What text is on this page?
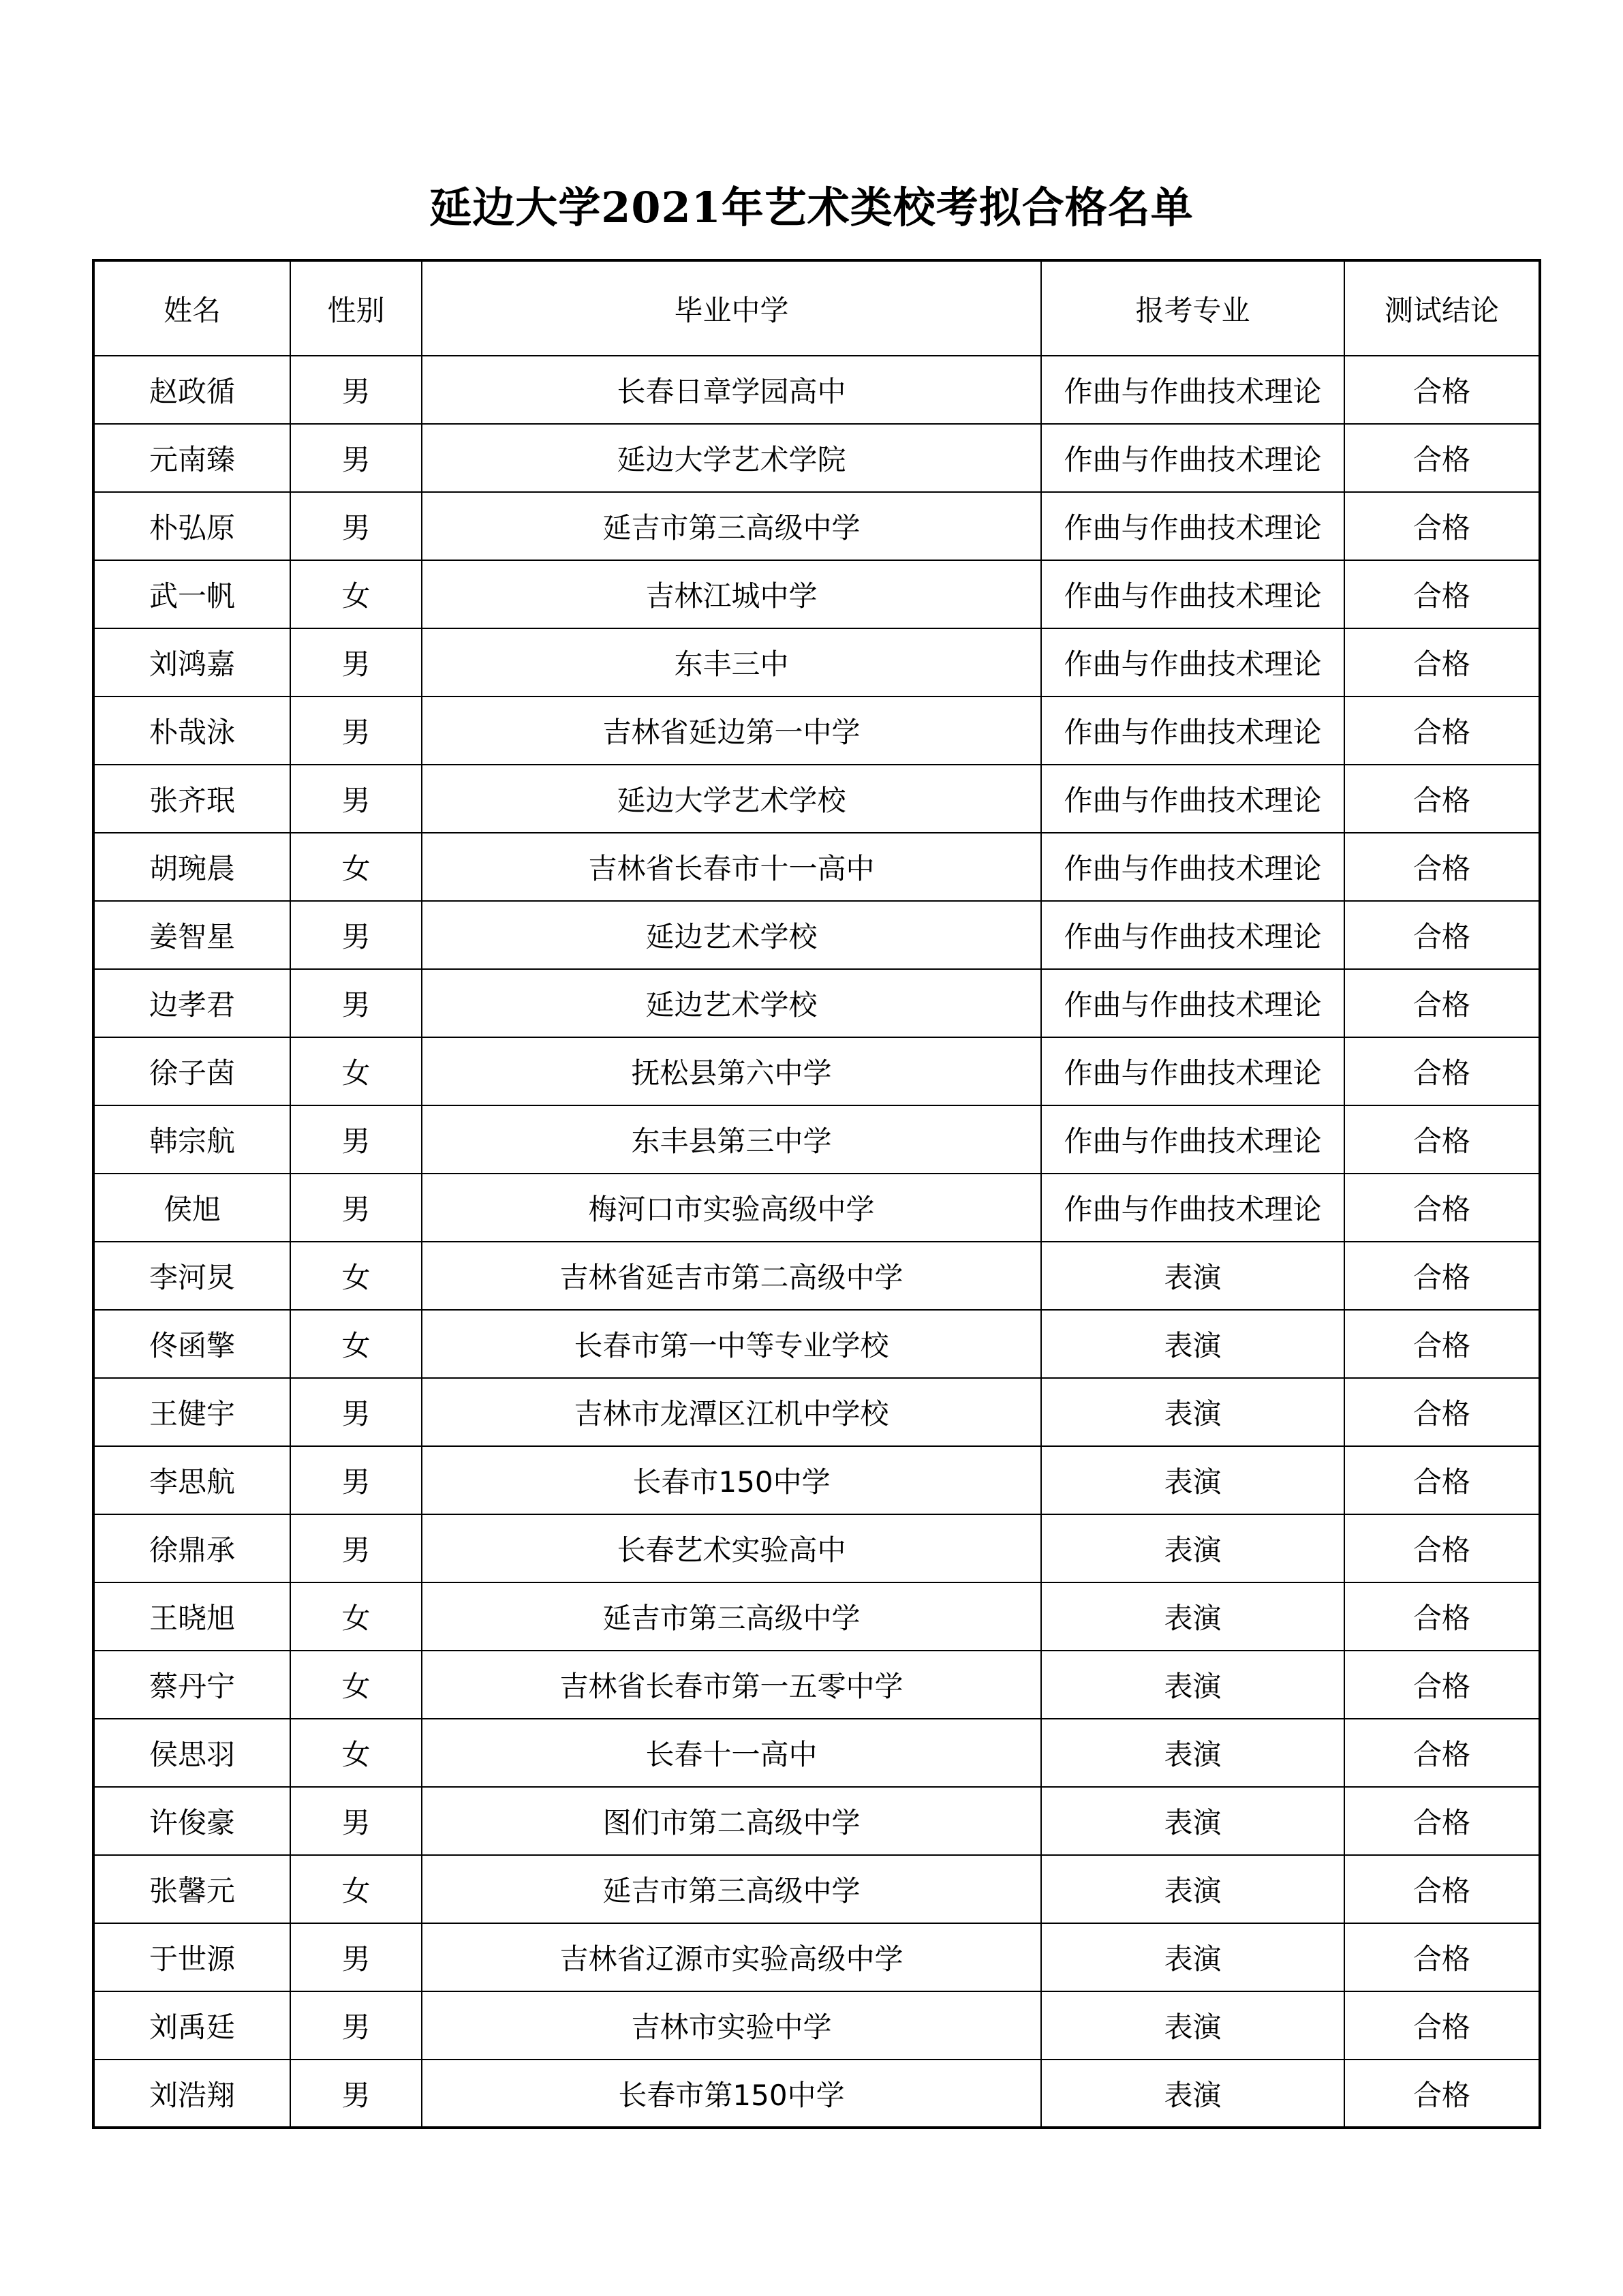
延边大学2021年艺术类校考拟合格名单
姓名	性别	毕业中学	报考专业	测试结论
赵政循	男	长春日章学园高中	作曲与作曲技术理论	合格
元南臻	男	延边大学艺术学院	作曲与作曲技术理论	合格
朴弘原	男	延吉市第三高级中学	作曲与作曲技术理论	合格
武一帆	女	吉林江城中学	作曲与作曲技术理论	合格
刘鸿嘉	男	东丰三中	作曲与作曲技术理论	合格
朴哉泳	男	吉林省延边第一中学	作曲与作曲技术理论	合格
张齐珉	男	延边大学艺术学校	作曲与作曲技术理论	合格
胡琬晨	女	吉林省长春市十一高中	作曲与作曲技术理论	合格
姜智星	男	延边艺术学校	作曲与作曲技术理论	合格
边孝君	男	延边艺术学校	作曲与作曲技术理论	合格
徐子茵	女	抚松县第六中学	作曲与作曲技术理论	合格
韩宗航	男	东丰县第三中学	作曲与作曲技术理论	合格
侯旭	男	梅河口市实验高级中学	作曲与作曲技术理论	合格
李河炅	女	吉林省延吉市第二高级中学	表演	合格
佟函擎	女	长春市第一中等专业学校	表演	合格
王健宇	男	吉林市龙潭区江机中学校	表演	合格
李思航	男	长春市150中学	表演	合格
徐鼎承	男	长春艺术实验高中	表演	合格
王晓旭	女	延吉市第三高级中学	表演	合格
蔡丹宁	女	吉林省长春市第一五零中学	表演	合格
侯思羽	女	长春十一高中	表演	合格
许俊豪	男	图们市第二高级中学	表演	合格
张馨元	女	延吉市第三高级中学	表演	合格
于世源	男	吉林省辽源市实验高级中学	表演	合格
刘禹廷	男	吉林市实验中学	表演	合格
刘浩翔	男	长春市第150中学	表演	合格
